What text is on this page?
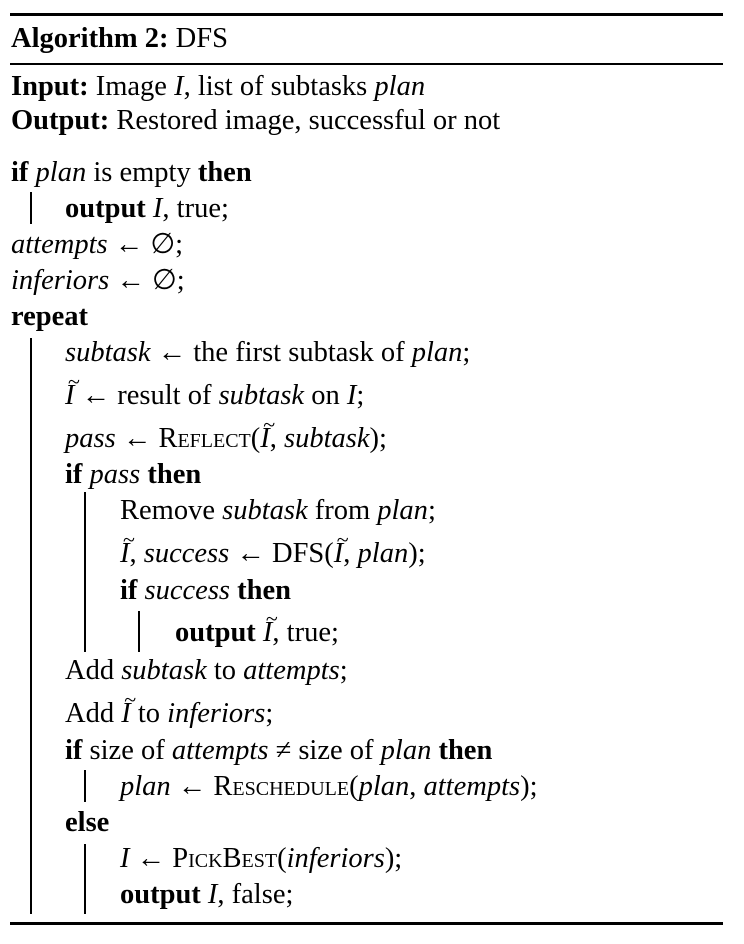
Algorithm 2: DFS
Input: Image I, list of subtasks plan
Output: Restored image, successful or not
if plan is empty then
output I, true;
attempts ← ∅;
inferiors ← ∅;
repeat
subtask ← the first subtask of plan;
~ I ← result of subtask on I;
pass ← Reflect(~ I, subtask);
if pass then
Remove subtask from plan;
~ I, success ← DFS(~ I, plan);
if success then
output ~ I, true;
Add subtask to attempts;
Add ~ I to inferiors;
if size of attempts ≠ size of plan then
plan ← Reschedule(plan, attempts);
else
I ← PickBest(inferiors);
output I, false;
